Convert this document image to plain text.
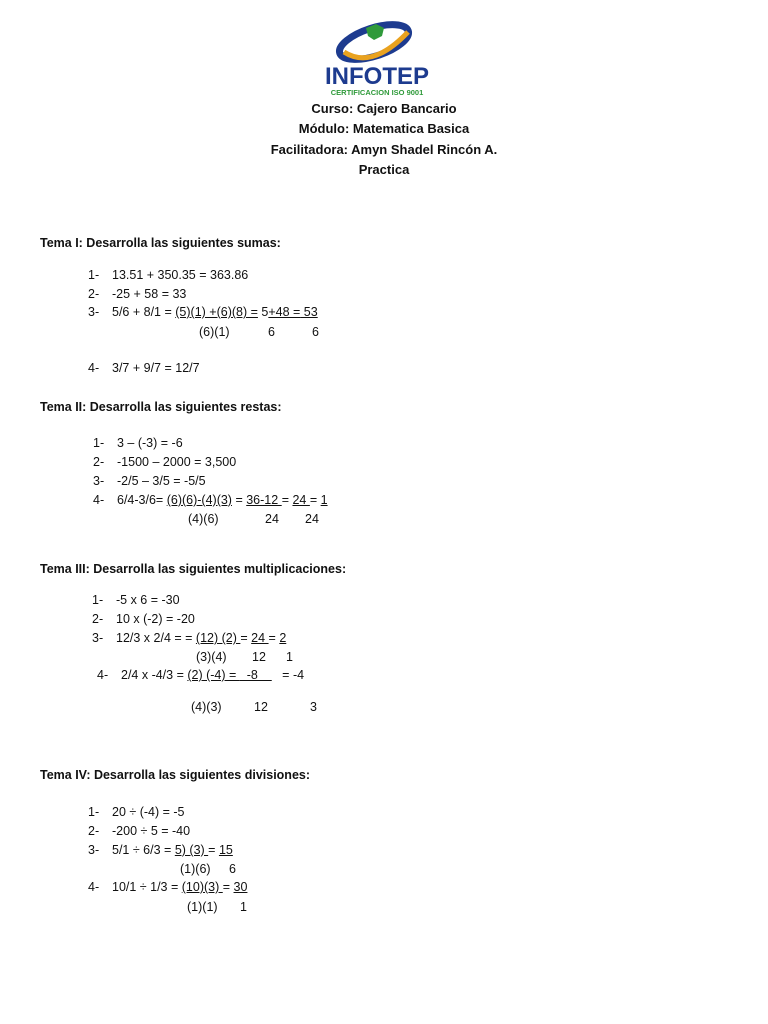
INFOTEP
CERTIFICACION ISO 9001
Curso: Cajero Bancario
Módulo: Matematica Basica
Facilitadora: Amyn Shadel Rincón A.
Practica
Tema I: Desarrolla las siguientes sumas:
1- 13.51 + 350.35 = 363.86
2- -25 + 58 = 33
3- 5/6 + 8/1 = (5)(1) +(6)(8) = 5+48 = 53
(6)(1)	6	6
4- 3/7 + 9/7 = 12/7
Tema II: Desarrolla las siguientes restas:
1- 3 – (-3) = -6
2- -1500 – 2000 = 3,500
3- -2/5 – 3/5 = -5/5
4- 6/4-3/6= (6)(6)-(4)(3) = 36-12 = 24 = 1
(4)(6)	24 24
Tema III: Desarrolla las siguientes multiplicaciones:
1- -5 x 6 = -30
2- 10 x (-2) = -20
3- 12/3 x 2/4 = = (12) (2) = 24 = 2
(3)(4) 12 1
4- 2/4 x -4/3 = (2) (-4) =   -8       = -4
(4)(3)	12	3
Tema IV: Desarrolla las siguientes divisiones:
1- 20 ÷ (-4) = -5
2- -200 ÷ 5 = -40
3- 5/1 ÷ 6/3 = 5) (3) = 15
(1)(6) 6
4- 10/1 ÷ 1/3 = (10)(3) = 30
(1)(1) 1
